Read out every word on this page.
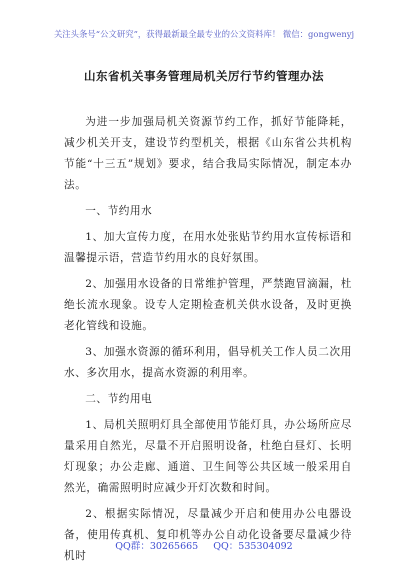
关注头条号“公文研究”，获得最新最全最专业的公文资料库！ 微信：gongwenyj
山东省机关事务管理局机关厉行节约管理办法

为进一步加强局机关资源节约工作，抓好节能降耗，减少机关开支，建设节约型机关，根据《山东省公共机构节能“十三五”规划》要求，结合我局实际情况，制定本办法。

一、节约用水

1、加大宣传力度，在用水处张贴节约用水宣传标语和温馨提示语，营造节约用水的良好氛围。

2、加强用水设备的日常维护管理，严禁跑冒滴漏，杜绝长流水现象。设专人定期检查机关供水设备，及时更换老化管线和设施。

3、加强水资源的循环利用，倡导机关工作人员二次用水、多次用水，提高水资源的利用率。

二、节约用电

1、局机关照明灯具全部使用节能灯具，办公场所应尽量采用自然光，尽量不开启照明设备，杜绝白昼灯、长明灯现象；办公走廊、通道、卫生间等公共区域一般采用自然光，确需照明时应减少开灯次数和时间。

2、根据实际情况，尽量减少开启和使用办公电器设备，使用传真机、复印机等办公自动化设备要尽量减少待机时

QQ群：30265665 QQ：535304092
